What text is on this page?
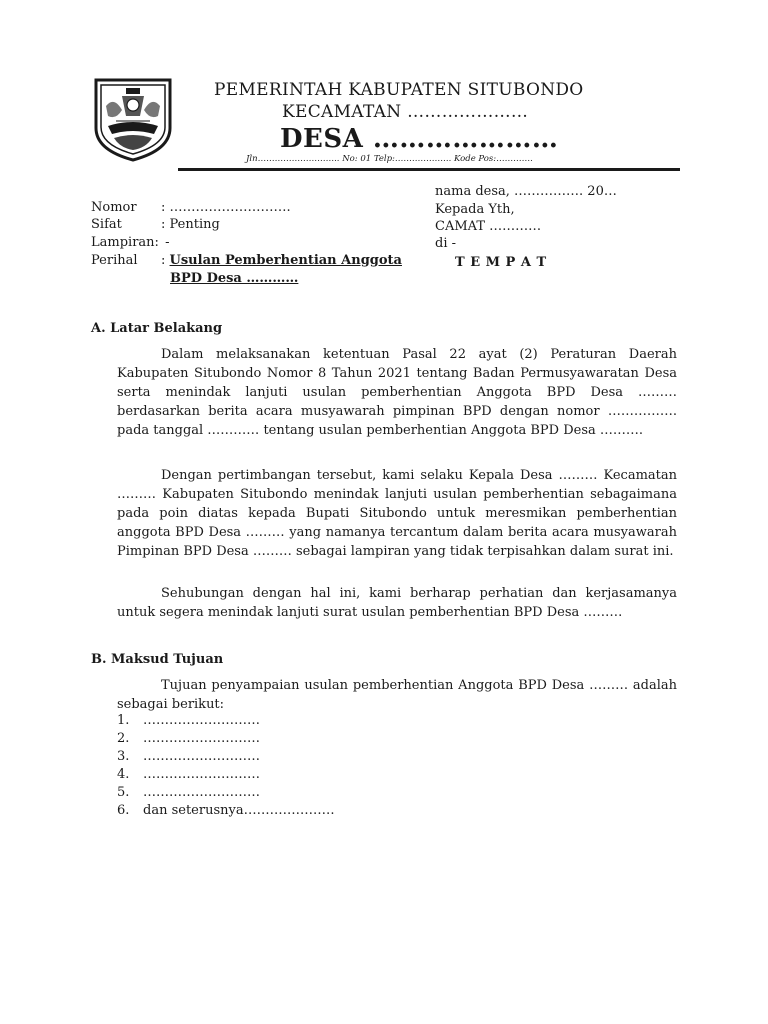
PEMERINTAH KABUPATEN SITUBONDO
KECAMATAN …………………
DESA …………………
Jln……………………….. No: 01 Telp:……………….. Kode Pos:………….
Nomor : ……………………….
Sifat	: Penting
Lampiran: -
Perihal : Usulan Pemberhentian Anggota
BPD Desa …………
nama desa, ……………. 20…
Kepada Yth,
CAMAT …………
di -
T E M P A T
A. Latar Belakang
Dalam melaksanakan ketentuan Pasal 22 ayat (2) Peraturan Daerah Kabupaten Situbondo Nomor 8 Tahun 2021 tentang Badan Permusyawaratan Desa serta menindak lanjuti usulan pemberhentian Anggota BPD Desa ……… berdasarkan berita acara musyawarah pimpinan BPD dengan nomor ……………. pada tanggal ………… tentang usulan pemberhentian Anggota BPD Desa ……….
Dengan pertimbangan tersebut, kami selaku Kepala Desa ……… Kecamatan ……… Kabupaten Situbondo menindak lanjuti usulan pemberhentian sebagaimana pada poin diatas kepada Bupati Situbondo untuk meresmikan pemberhentian anggota BPD Desa ……… yang namanya tercantum dalam berita acara musyawarah Pimpinan BPD Desa ……… sebagai lampiran yang tidak terpisahkan dalam surat ini.
Sehubungan dengan hal ini, kami berharap perhatian dan kerjasamanya untuk segera menindak lanjuti surat usulan pemberhentian BPD Desa ………
B. Maksud Tujuan
Tujuan penyampaian usulan pemberhentian Anggota BPD Desa ……… adalah sebagai berikut:
1. ………………………
2. ………………………
3. ………………………
4. ………………………
5. ………………………
6. dan seterusnya…………………
